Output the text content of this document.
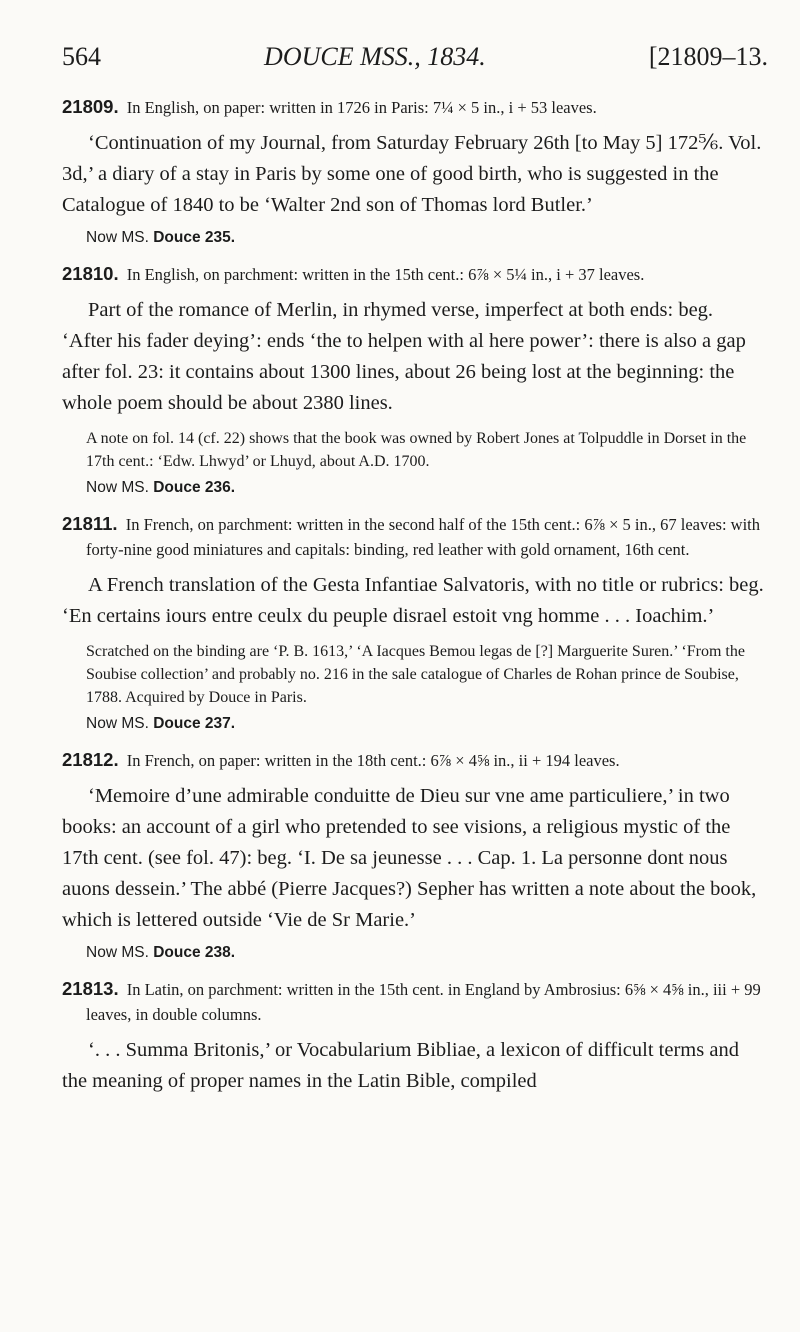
564	DOUCE MSS., 1834.	[21809–13.

21809. In English, on paper: written in 1726 in Paris: 7¼ × 5 in., i + 53 leaves.

‘Continuation of my Journal, from Saturday February 26th [to May 5] 172⅚. Vol. 3d,’ a diary of a stay in Paris by some one of good birth, who is suggested in the Catalogue of 1840 to be ‘Walter 2nd son of Thomas lord Butler.’

Now MS. Douce 235.

21810. In English, on parchment: written in the 15th cent.: 6⅞ × 5¼ in., i + 37 leaves.

Part of the romance of Merlin, in rhymed verse, imperfect at both ends: beg. ‘After his fader deying’: ends ‘the to helpen with al here power’: there is also a gap after fol. 23: it contains about 1300 lines, about 26 being lost at the beginning: the whole poem should be about 2380 lines.

A note on fol. 14 (cf. 22) shows that the book was owned by Robert Jones at Tolpuddle in Dorset in the 17th cent.: ‘Edw. Lhwyd’ or Lhuyd, about A.D. 1700.

Now MS. Douce 236.

21811. In French, on parchment: written in the second half of the 15th cent.: 6⅞ × 5 in., 67 leaves: with forty-nine good miniatures and capitals: binding, red leather with gold ornament, 16th cent.

A French translation of the Gesta Infantiae Salvatoris, with no title or rubrics: beg. ‘En certains iours entre ceulx du peuple disrael estoit vng homme . . . Ioachim.’

Scratched on the binding are ‘P. B. 1613,’ ‘A Iacques Bemou legas de [?] Marguerite Suren.’ ‘From the Soubise collection’ and probably no. 216 in the sale catalogue of Charles de Rohan prince de Soubise, 1788. Acquired by Douce in Paris.

Now MS. Douce 237.

21812. In French, on paper: written in the 18th cent.: 6⅞ × 4⅝ in., ii + 194 leaves.

‘Memoire d’une admirable conduitte de Dieu sur vne ame particuliere,’ in two books: an account of a girl who pretended to see visions, a religious mystic of the 17th cent. (see fol. 47): beg. ‘I. De sa jeunesse . . . Cap. 1. La personne dont nous auons dessein.’ The abbé (Pierre Jacques?) Sepher has written a note about the book, which is lettered outside ‘Vie de Sr Marie.’

Now MS. Douce 238.

21813. In Latin, on parchment: written in the 15th cent. in England by Ambrosius: 6⅝ × 4⅝ in., iii + 99 leaves, in double columns.

‘. . . Summa Britonis,’ or Vocabularium Bibliae, a lexicon of difficult terms and the meaning of proper names in the Latin Bible, compiled
